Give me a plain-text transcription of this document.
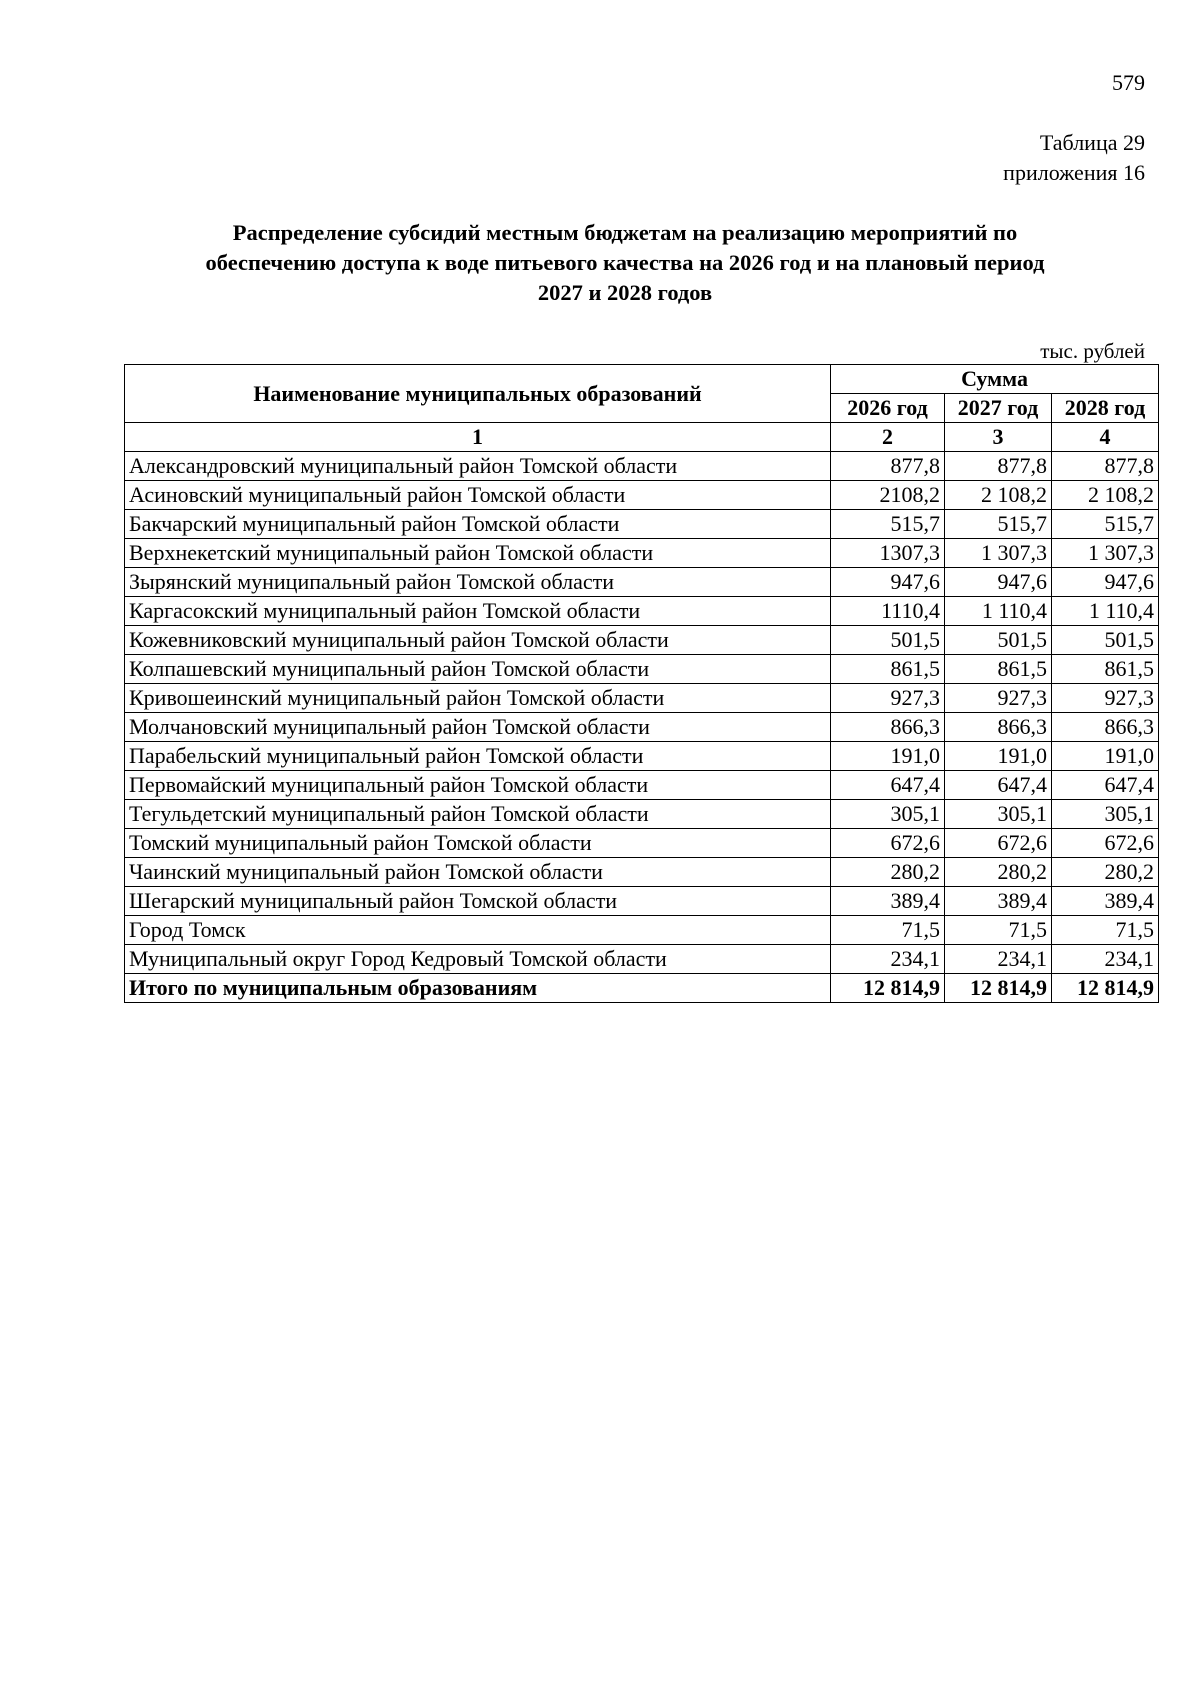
579
Таблица 29
приложения 16
Распределение субсидий местным бюджетам на реализацию мероприятий по
обеспечению доступа к воде питьевого качества на 2026 год и на плановый период
2027 и 2028 годов
тыс. рублей
Наименование муниципальных образований	Сумма		
	2026 год	2027 год	2028 год
1	2	3	4
Александровский муниципальный район Томской области	877,8	877,8	877,8
Асиновский муниципальный район Томской области	2108,2	2 108,2	2 108,2
Бакчарский муниципальный район Томской области	515,7	515,7	515,7
Верхнекетский муниципальный район Томской области	1307,3	1 307,3	1 307,3
Зырянский муниципальный район Томской области	947,6	947,6	947,6
Каргасокский муниципальный район Томской области	1110,4	1 110,4	1 110,4
Кожевниковский муниципальный район Томской области	501,5	501,5	501,5
Колпашевский муниципальный район Томской области	861,5	861,5	861,5
Кривошеинский муниципальный район Томской области	927,3	927,3	927,3
Молчановский муниципальный район Томской области	866,3	866,3	866,3
Парабельский муниципальный район Томской области	191,0	191,0	191,0
Первомайский муниципальный район Томской области	647,4	647,4	647,4
Тегульдетский муниципальный район Томской области	305,1	305,1	305,1
Томский муниципальный район Томской области	672,6	672,6	672,6
Чаинский муниципальный район Томской области	280,2	280,2	280,2
Шегарский муниципальный район Томской области	389,4	389,4	389,4
Город Томск	71,5	71,5	71,5
Муниципальный округ Город Кедровый Томской области	234,1	234,1	234,1
Итого по муниципальным образованиям	12 814,9	12 814,9	12 814,9
